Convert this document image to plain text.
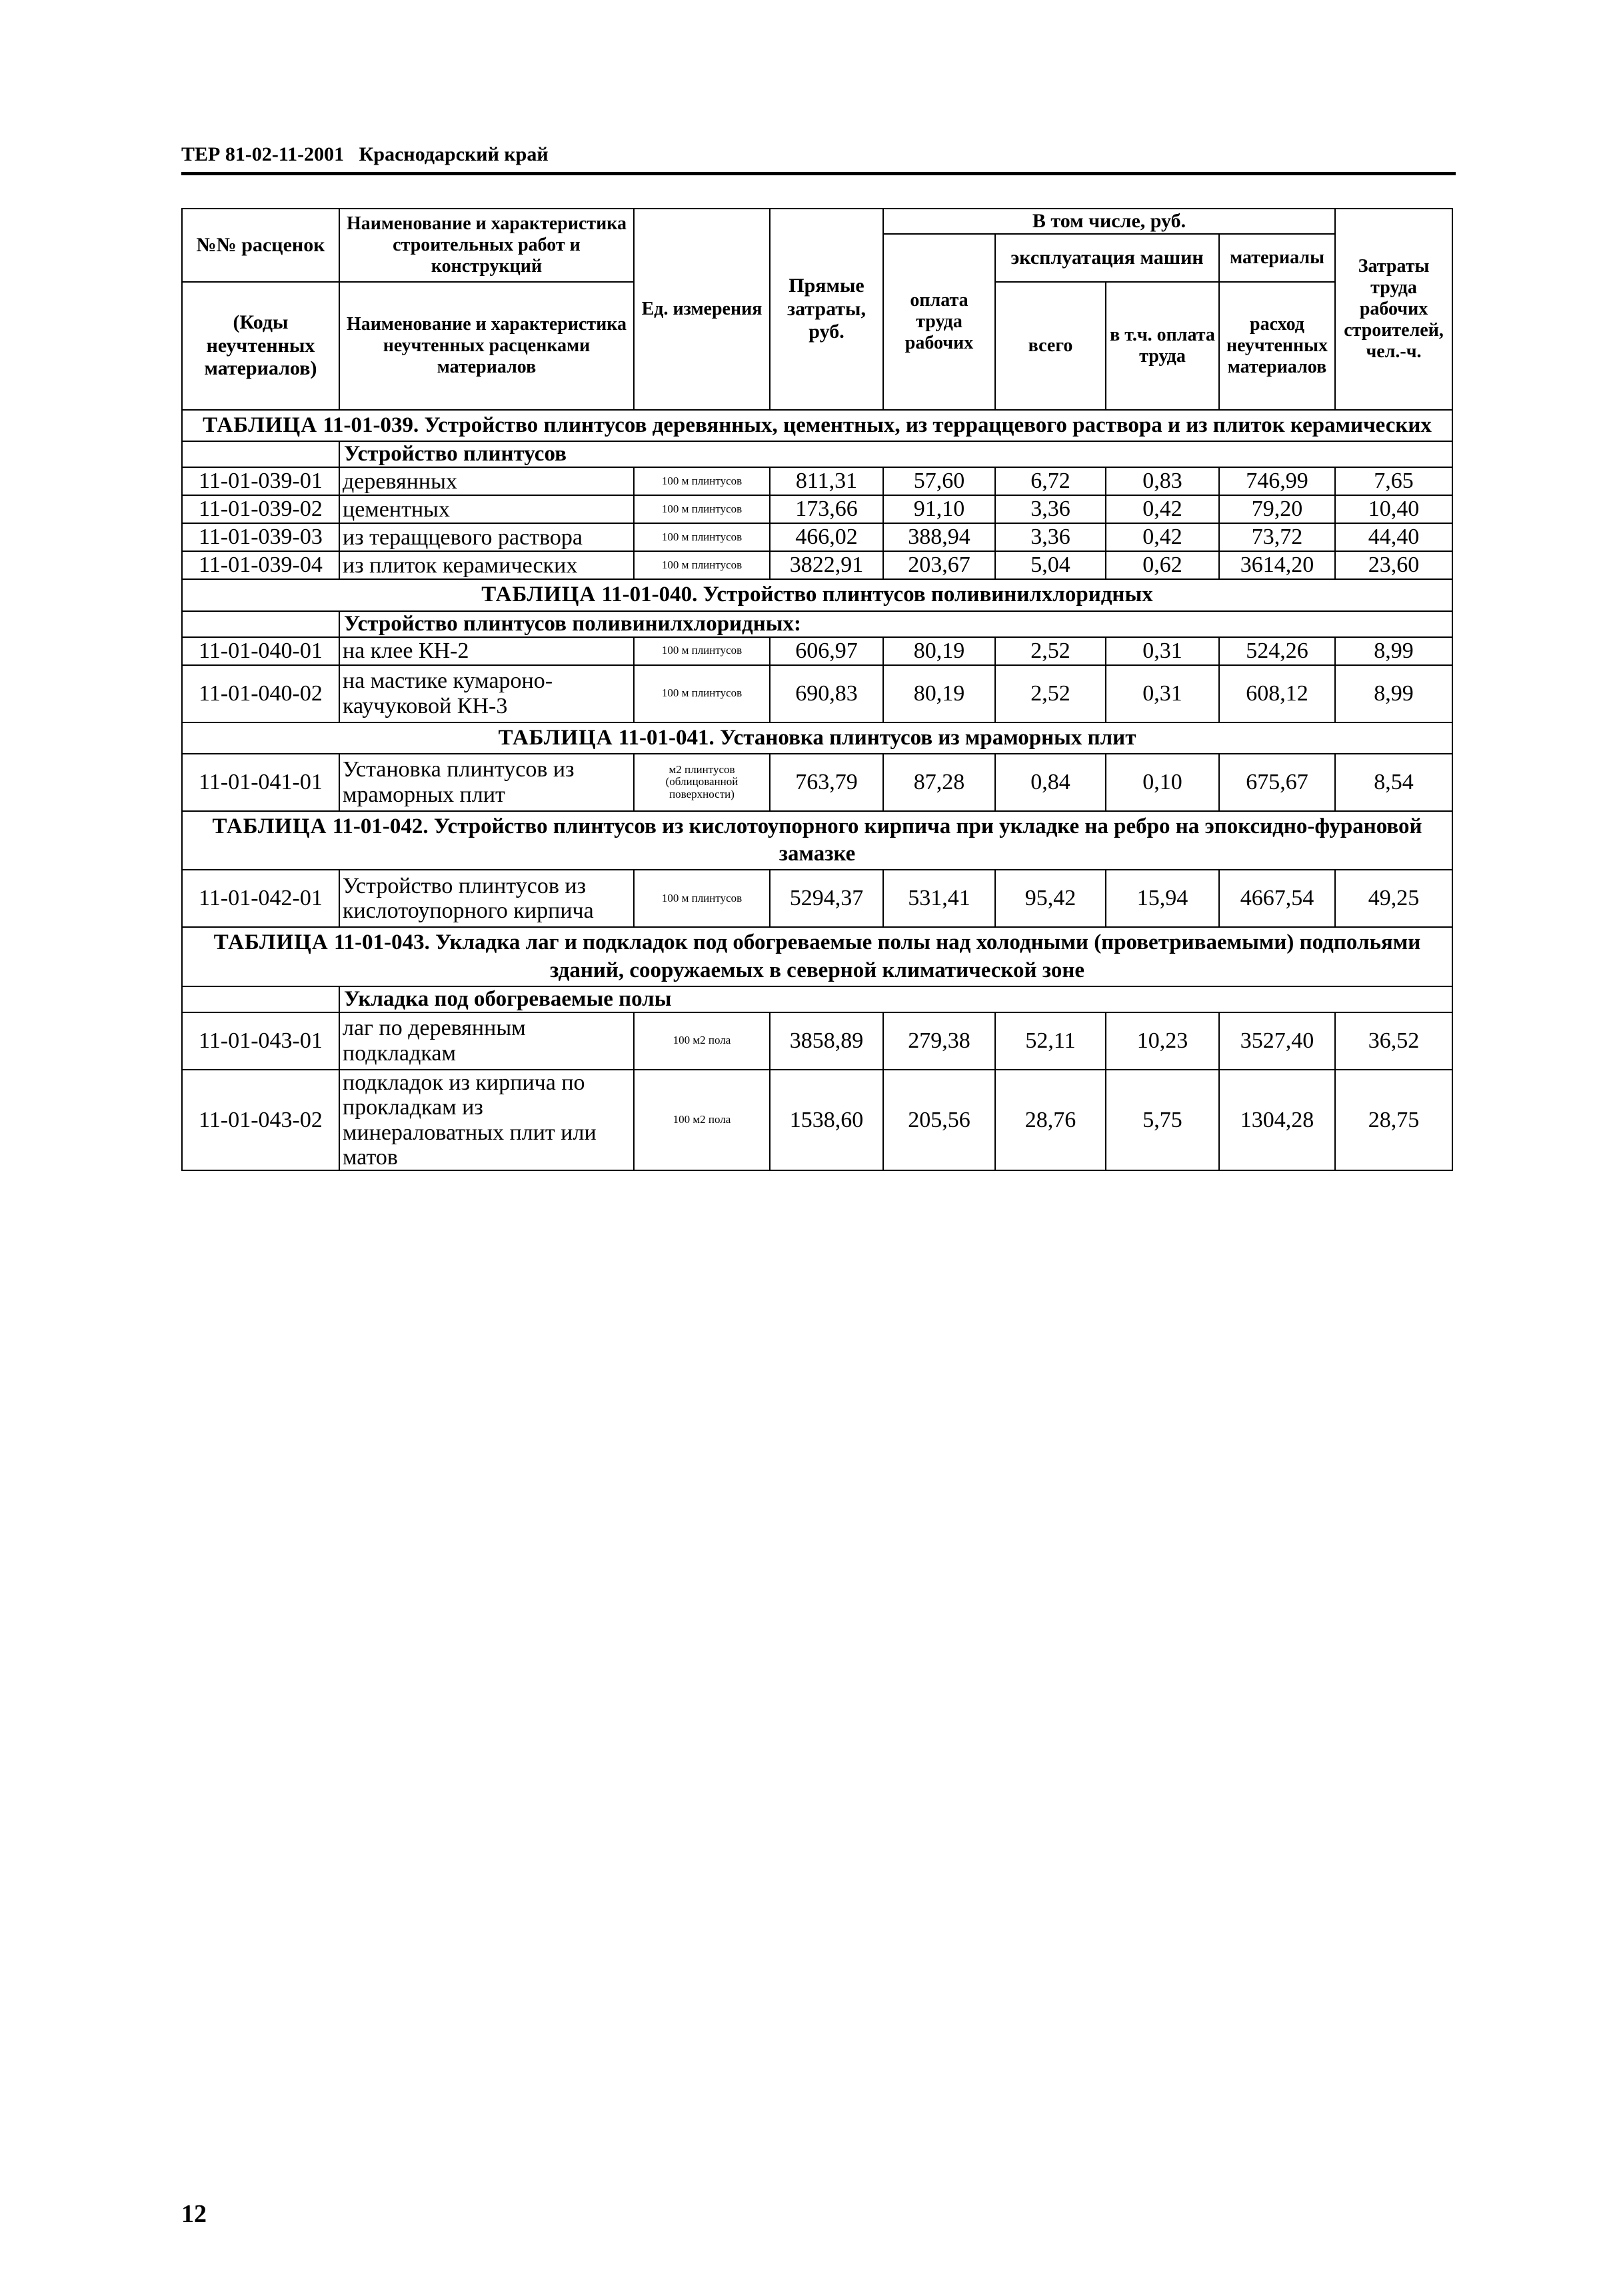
ТЕР 81-02-11-2001 Краснодарский край
№№ расценок	Наименование и характеристика строительных работ и конструкций	Ед. измерения	Прямые затраты, руб.	В том числе, руб.				Затраты труда рабочих строителей, чел.-ч.
				оплата труда рабочих	эксплуатация машин		материалы	

(Коды неучтенных материалов)	Наименование и характеристика неучтенных расценками материалов				всего	в т.ч. оплата труда	расход неучтенных материалов	

ТАБЛИЦА 11-01-039. Устройство плинтусов деревянных, цементных, из терраццевого раствора и из плиток керамических								
	Устройство плинтусов							
11-01-039-01	деревянных	100 м плинтусов	811,31	57,60	6,72	0,83	746,99	7,65
11-01-039-02	цементных	100 м плинтусов	173,66	91,10	3,36	0,42	79,20	10,40
11-01-039-03	из теращцевого раствора	100 м плинтусов	466,02	388,94	3,36	0,42	73,72	44,40
11-01-039-04	из плиток керамических	100 м плинтусов	3822,91	203,67	5,04	0,62	3614,20	23,60
ТАБЛИЦА 11-01-040. Устройство плинтусов поливинилхлоридных								
	Устройство плинтусов поливинилхлоридных:							
11-01-040-01	на клее КН-2	100 м плинтусов	606,97	80,19	2,52	0,31	524,26	8,99
11-01-040-02	на мастике кумароно-каучуковой КН-3	100 м плинтусов	690,83	80,19	2,52	0,31	608,12	8,99
ТАБЛИЦА 11-01-041. Установка плинтусов из мраморных плит								
11-01-041-01	Установка плинтусов из мраморных плит	м2 плинтусов (облицованной поверхности)	763,79	87,28	0,84	0,10	675,67	8,54
ТАБЛИЦА 11-01-042. Устройство плинтусов из кислотоупорного кирпича при укладке на ребро на эпоксидно-фурановой замазке								
11-01-042-01	Устройство плинтусов из кислотоупорного кирпича	100 м плинтусов	5294,37	531,41	95,42	15,94	4667,54	49,25
ТАБЛИЦА 11-01-043. Укладка лаг и подкладок под обогреваемые полы над холодными (проветриваемыми) подпольями зданий, сооружаемых в северной климатической зоне								
	Укладка под обогреваемые полы							
11-01-043-01	лаг по деревянным подкладкам	100 м2 пола	3858,89	279,38	52,11	10,23	3527,40	36,52
11-01-043-02	подкладок из кирпича по прокладкам из минераловатных плит или матов	100 м2 пола	1538,60	205,56	28,76	5,75	1304,28	28,75
12
